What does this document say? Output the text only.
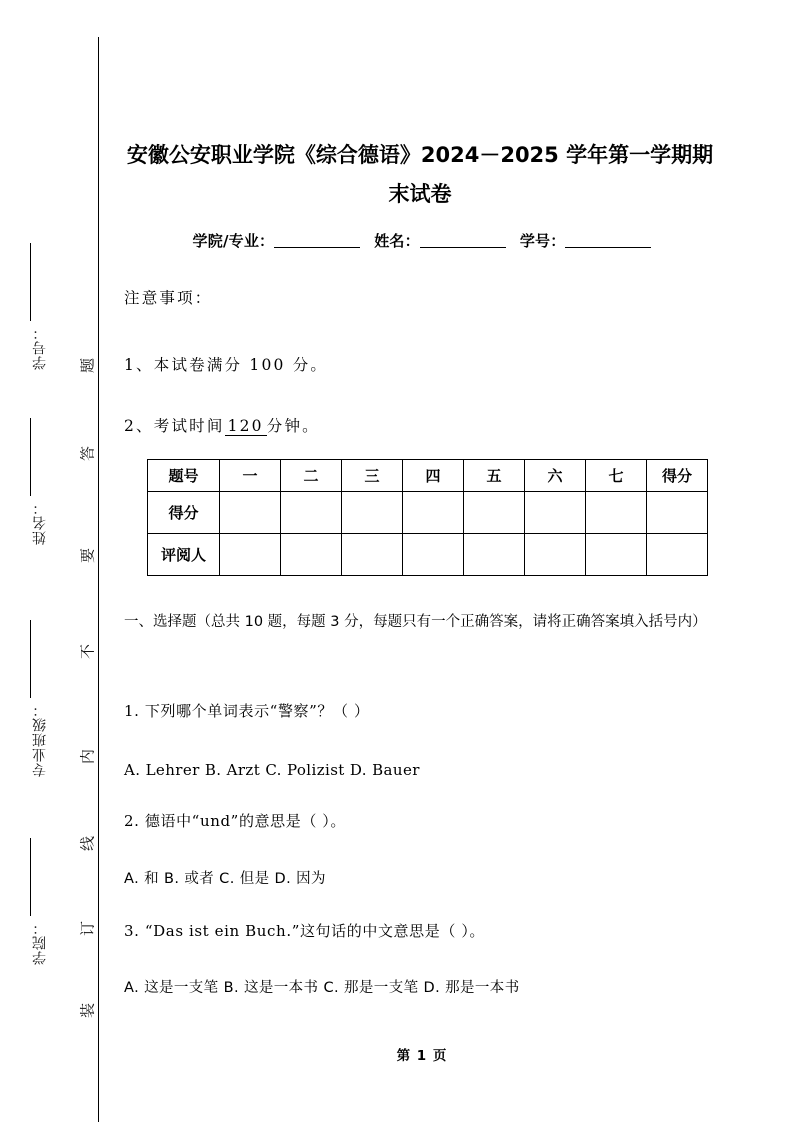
学号：
姓名：
专业班级：
学院：
题
答
要
不
内
线
订
装
安徽公安职业学院《综合德语》2024－2025 学年第一学期期末试卷
学院/专业：	姓名：	学号：
注意事项：
1、本试卷满分 100 分。
2、考试时间 120 分钟。
题号	一	二	三	四	五	六	七	得分
得分								
评阅人								
一、选择题（总共 10 题，每题 3 分，每题只有一个正确答案，请将正确答案填入括号内）
1. 下列哪个单词表示“警察”？（ ）
A. Lehrer B. Arzt C. Polizist D. Bauer
2. 德语中“und”的意思是（ ）。
A. 和 B. 或者 C. 但是 D. 因为
3. “Das ist ein Buch.”这句话的中文意思是（ ）。
A. 这是一支笔 B. 这是一本书 C. 那是一支笔 D. 那是一本书
第 1 页
